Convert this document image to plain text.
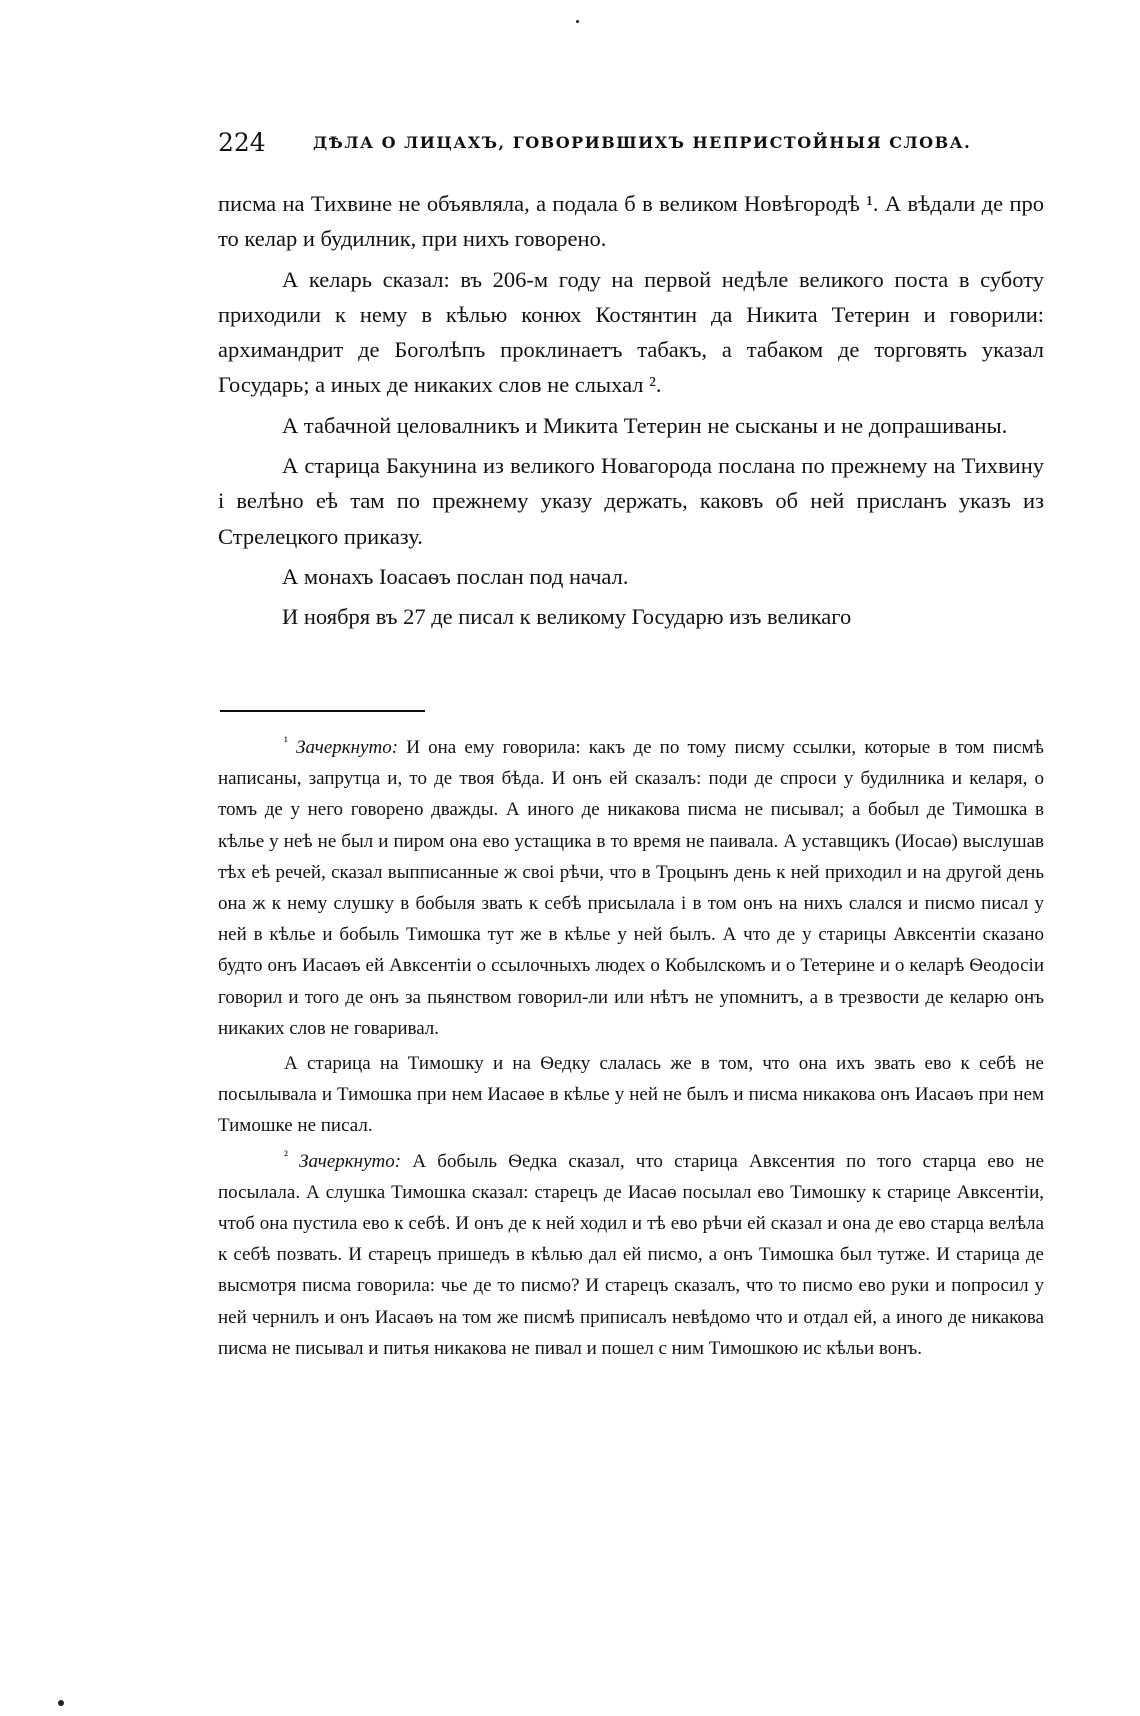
224	ДѢЛА О ЛИЦАХЪ, ГОВОРИВШИХЪ НЕПРИСТОЙНЫЯ СЛОВА.

писма на Тихвине не объявляла, а подала б в великом Новѣгородѣ ¹. А вѣдали де про то келар и будилник, при нихъ говорено.

А келарь сказал: въ 206-м году на первой недѣле великого поста в суботу приходили к нему в кѣлью конюх Костянтин да Никита Тетерин и говорили: архимандрит де Боголѣпъ проклинаетъ табакъ, а табаком де торговять указал Государь; а иных де никаких слов не слыхал ².

А табачной целовалникъ и Микита Тетерин не сысканы и не допрашиваны.

А старица Бакунина из великого Новагорода послана по прежнему на Тихвину і велѣно еѣ там по прежнему указу держать, каковъ об ней присланъ указъ из Стрелецкого приказу.

А монахъ Іоасаѳъ послан под начал.

И ноября въ 27 де писал к великому Государю изъ великаго

$^{^1}$ Зачеркнуто: И она ему говорила: какъ де по тому писму ссылки, которые в том писмѣ написаны, запрутца и, то де твоя бѣда. И онъ ей сказалъ: поди де спроси у будилника и келаря, о томъ де у него говорено дважды. А иного де никакова писма не писывал; а бобыл де Тимошка в кѣлье у неѣ не был и пиром она ево устащика в то время не паивала. А уставщикъ (Иосаѳ) выслушав тѣх еѣ речей, сказал выпписанные ж своі рѣчи, что в Троцынъ день к ней приходил и на другой день она ж к нему слушку в бобыля звать к себѣ присылала і в том онъ на нихъ слался и писмо писал у ней в кѣлье и бобыль Тимошка тут же в кѣлье у ней былъ. А что де у старицы Авксентіи сказано будто онъ Иасаѳъ ей Авксентіи о ссылочныхъ людех о Кобылскомъ и о Тетерине и о келарѣ Ѳеодосіи говорил и того де онъ за пьянством говорил-ли или нѣтъ не упомнитъ, а в трезвости де келарю онъ никаких слов не говаривал.

А старица на Тимошку и на Ѳедку слалась же в том, что она ихъ звать ево к себѣ не посылывала и Тимошка при нем Иасаѳе в кѣлье у ней не былъ и писма никакова онъ Иасаѳъ при нем Тимошке не писал.

$^{^2}$ Зачеркнуто: А бобыль Ѳедка сказал, что старица Авксентия по того старца ево не посылала. А слушка Тимошка сказал: старецъ де Иасаѳ посылал ево Тимошку к старице Авксентіи, чтоб она пустила ево к себѣ. И онъ де к ней ходил и тѣ ево рѣчи ей сказал и она де ево старца велѣла к себѣ позвать. И старецъ пришедъ в кѣлью дал ей писмо, а онъ Тимошка был тутже. И старица де высмотря писма говорила: чье де то писмо? И старецъ сказалъ, что то писмо ево руки и попросил у ней чернилъ и онъ Иасаѳъ на том же писмѣ приписалъ невѣдомо что и отдал ей, а иного де никакова писма не писывал и питья никакова не пивал и пошел с ним Тимошкою ис кѣльи вонъ.
